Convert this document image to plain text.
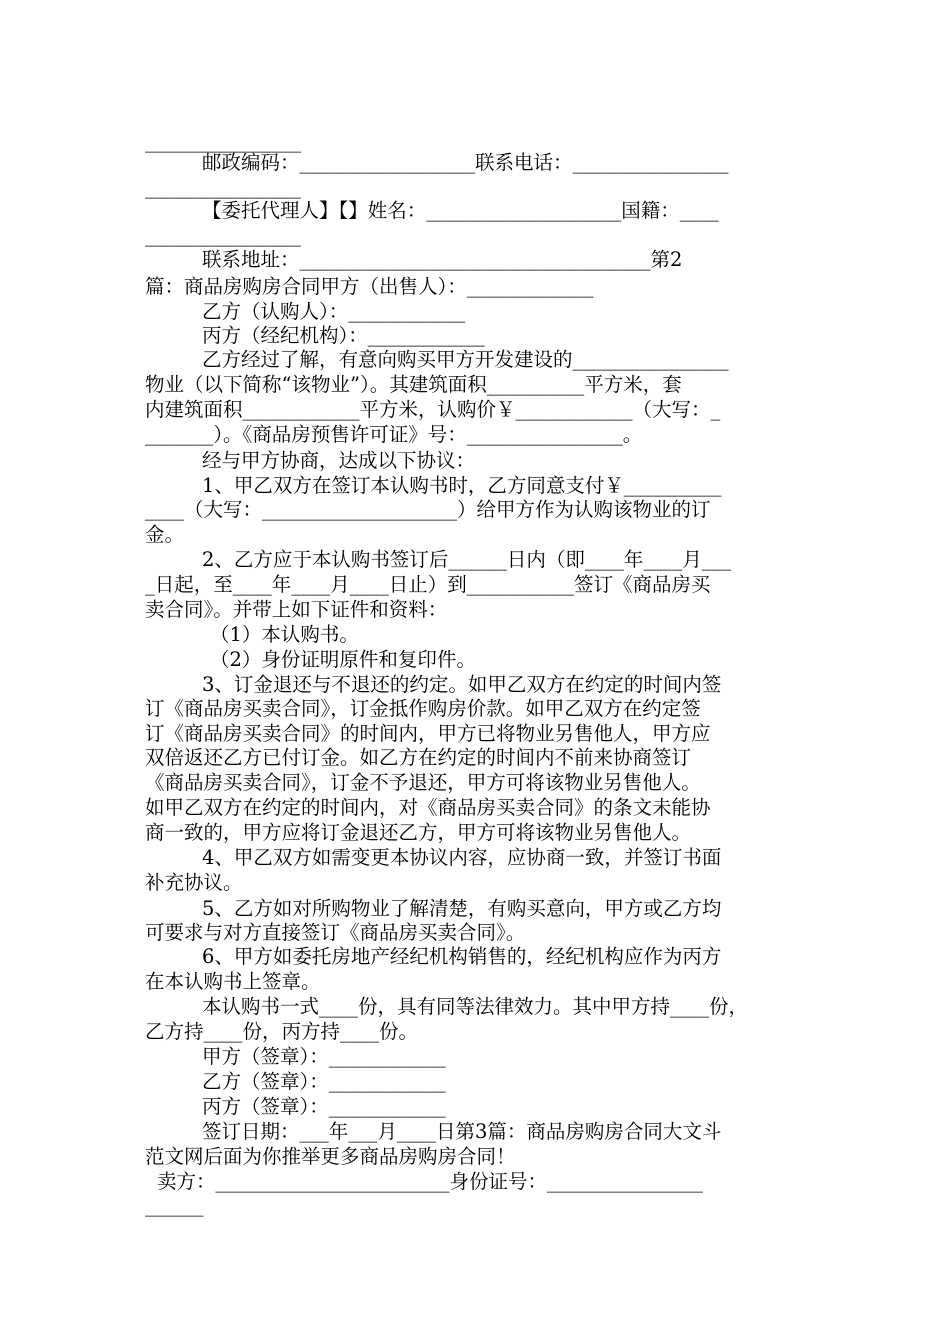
________________
邮政编码：__________________联系电话：________________
________________
【委托代理人】【】姓名：____________________国籍：____
________________
联系地址：____________________________________第2
篇：商品房购房合同甲方（出售人）：_____________
乙方（认购人）：____________
丙方（经纪机构）：____________
乙方经过了解，有意向购买甲方开发建设的________________
物业（以下简称“该物业”）。其建筑面积__________平方米，套
内建筑面积____________平方米，认购价￥____________（大写：_
_______）。《商品房预售许可证》号：________________。
经与甲方协商，达成以下协议：
1、甲乙双方在签订本认购书时，乙方同意支付￥__________
____（大写：____________________）给甲方作为认购该物业的订
金。
2、乙方应于本认购书签订后______日内（即____年____月___
_日起，至____年____月____日止）到___________签订《商品房买
卖合同》。并带上如下证件和资料：
（1）本认购书。
（2）身份证明原件和复印件。
3、订金退还与不退还的约定。如甲乙双方在约定的时间内签
订《商品房买卖合同》，订金抵作购房价款。如甲乙双方在约定签
订《商品房买卖合同》的时间内，甲方已将物业另售他人，甲方应
双倍返还乙方已付订金。如乙方在约定的时间内不前来协商签订
《商品房买卖合同》，订金不予退还，甲方可将该物业另售他人。
如甲乙双方在约定的时间内，对《商品房买卖合同》的条文未能协
商一致的，甲方应将订金退还乙方，甲方可将该物业另售他人。
4、甲乙双方如需变更本协议内容，应协商一致，并签订书面
补充协议。
5、乙方如对所购物业了解清楚，有购买意向，甲方或乙方均
可要求与对方直接签订《商品房买卖合同》。
6、甲方如委托房地产经纪机构销售的，经纪机构应作为丙方
在本认购书上签章。
本认购书一式____份，具有同等法律效力。其中甲方持____份，
乙方持____份，丙方持____份。
甲方（签章）：____________
乙方（签章）：____________
丙方（签章）：____________
签订日期：___年___月____日第3篇：商品房购房合同大文斗
范文网后面为你推举更多商品房购房合同！
卖方：________________________身份证号：________________
______
